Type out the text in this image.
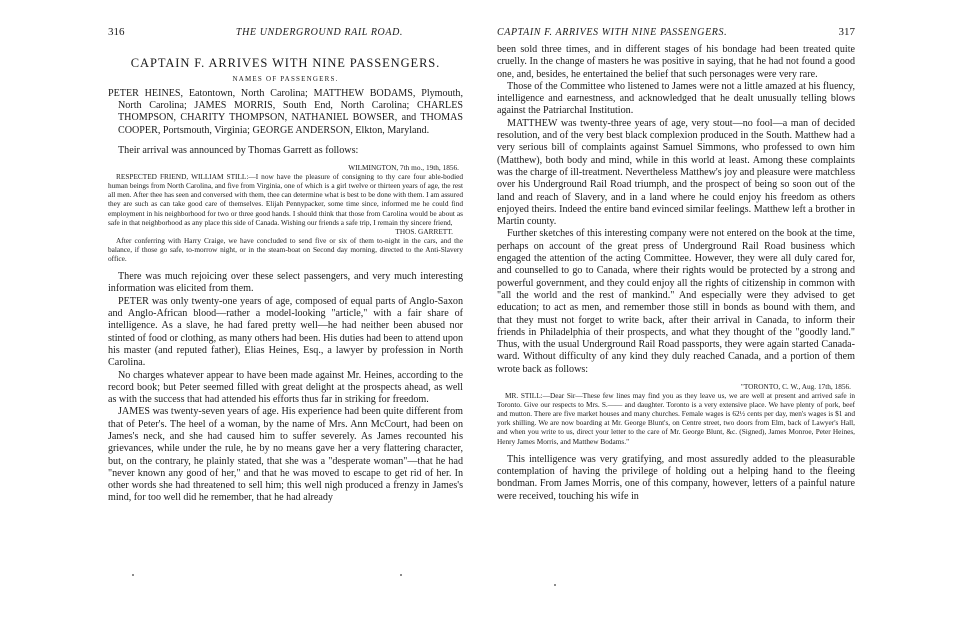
316	THE UNDERGROUND RAIL ROAD.
CAPTAIN F. ARRIVES WITH NINE PASSENGERS.
NAMES OF PASSENGERS.
PETER HEINES, Eatontown, North Carolina; MATTHEW BODAMS, Plymouth, North Carolina; JAMES MORRIS, South End, North Carolina; CHARLES THOMPSON, CHARITY THOMPSON, NATHANIEL BOWSER, and THOMAS COOPER, Portsmouth, Virginia; GEORGE ANDERSON, Elkton, Maryland.

Their arrival was announced by Thomas Garrett as follows:

WILMINGTON, 7th mo., 19th, 1856.

RESPECTED FRIEND, WILLIAM STILL:—I now have the pleasure of consigning to thy care four able-bodied human beings from North Carolina, and five from Virginia, one of which is a girl twelve or thirteen years of age, the rest all men. After thee has seen and conversed with them, thee can determine what is best to be done with them. I am assured they are such as can take good care of themselves. Elijah Pennypacker, some time since, informed me he could find employment in his neighborhood for two or three good hands. I should think that those from Carolina would be about as safe in that neighborhood as any place this side of Canada. Wishing our friends a safe trip, I remain thy sincere friend,

THOS. GARRETT.

After conferring with Harry Craige, we have concluded to send five or six of them to-night in the cars, and the balance, if those go safe, to-morrow night, or in the steam-boat on Second day morning, directed to the Anti-Slavery office.

There was much rejoicing over these select passengers, and very much interesting information was elicited from them.

PETER was only twenty-one years of age, composed of equal parts of Anglo-Saxon and Anglo-African blood—rather a model-looking "article," with a fair share of intelligence. As a slave, he had fared pretty well—he had neither been abused nor stinted of food or clothing, as many others had been. His duties had been to attend upon his master (and reputed father), Elias Heines, Esq., a lawyer by profession in North Carolina.

No charges whatever appear to have been made against Mr. Heines, according to the record book; but Peter seemed filled with great delight at the prospects ahead, as well as with the success that had attended his efforts thus far in striking for freedom.

JAMES was twenty-seven years of age. His experience had been quite different from that of Peter's. The heel of a woman, by the name of Mrs. Ann McCourt, had been on James's neck, and she had caused him to suffer severely. As James recounted his grievances, while under the rule, he by no means gave her a very flattering character, but, on the contrary, he plainly stated, that she was a "desperate woman"—that he had "never known any good of her," and that he was moved to escape to get rid of her. In other words she had threatened to sell him; this well nigh produced a frenzy in James's mind, for too well did he remember, that he had already

CAPTAIN F. ARRIVES WITH NINE PASSENGERS.	317

been sold three times, and in different stages of his bondage had been treated quite cruelly. In the change of masters he was positive in saying, that he had not found a good one, and, besides, he entertained the belief that such personages were very rare.

Those of the Committee who listened to James were not a little amazed at his fluency, intelligence and earnestness, and acknowledged that he dealt unusually telling blows against the Patriarchal Institution.

MATTHEW was twenty-three years of age, very stout—no fool—a man of decided resolution, and of the very best black complexion produced in the South. Matthew had a very serious bill of complaints against Samuel Simmons, who professed to own him (Matthew), both body and mind, while in this world at least. Among these complaints was the charge of ill-treatment. Nevertheless Matthew's joy and pleasure were matchless over his Underground Rail Road triumph, and the prospect of being so soon out of the land and reach of Slavery, and in a land where he could enjoy his freedom as others enjoyed theirs. Indeed the entire band evinced similar feelings. Matthew left a brother in Martin county.

Further sketches of this interesting company were not entered on the book at the time, perhaps on account of the great press of Underground Rail Road business which engaged the attention of the acting Committee. However, they were all duly cared for, and counselled to go to Canada, where their rights would be protected by a strong and powerful government, and they could enjoy all the rights of citizenship in common with "all the world and the rest of mankind." And especially were they advised to get education; to act as men, and remember those still in bonds as bound with them, and that they must not forget to write back, after their arrival in Canada, to inform their friends in Philadelphia of their prospects, and what they thought of the "goodly land." Thus, with the usual Underground Rail Road passports, they were again started Canada-ward. Without difficulty of any kind they duly reached Canada, and a portion of them wrote back as follows:

"TORONTO, C. W., Aug. 17th, 1856.

MR. STILL:—Dear Sir—These few lines may find you as they leave us, we are well at present and arrived safe in Toronto. Give our respects to Mrs. S.—— and daughter. Toronto is a very extensive place. We have plenty of pork, beef and mutton. There are five market houses and many churches. Female wages is 62½ cents per day, men's wages is $1 and york shilling. We are now boarding at Mr. George Blunt's, on Centre street, two doors from Elm, back of Lawyer's Hall, and when you write to us, direct your letter to the care of Mr. George Blunt, &c. (Signed), James Monroe, Peter Heines, Henry James Morris, and Matthew Bodams."

This intelligence was very gratifying, and most assuredly added to the pleasurable contemplation of having the privilege of holding out a helping hand to the fleeing bondman. From James Morris, one of this company, however, letters of a painful nature were received, touching his wife in
